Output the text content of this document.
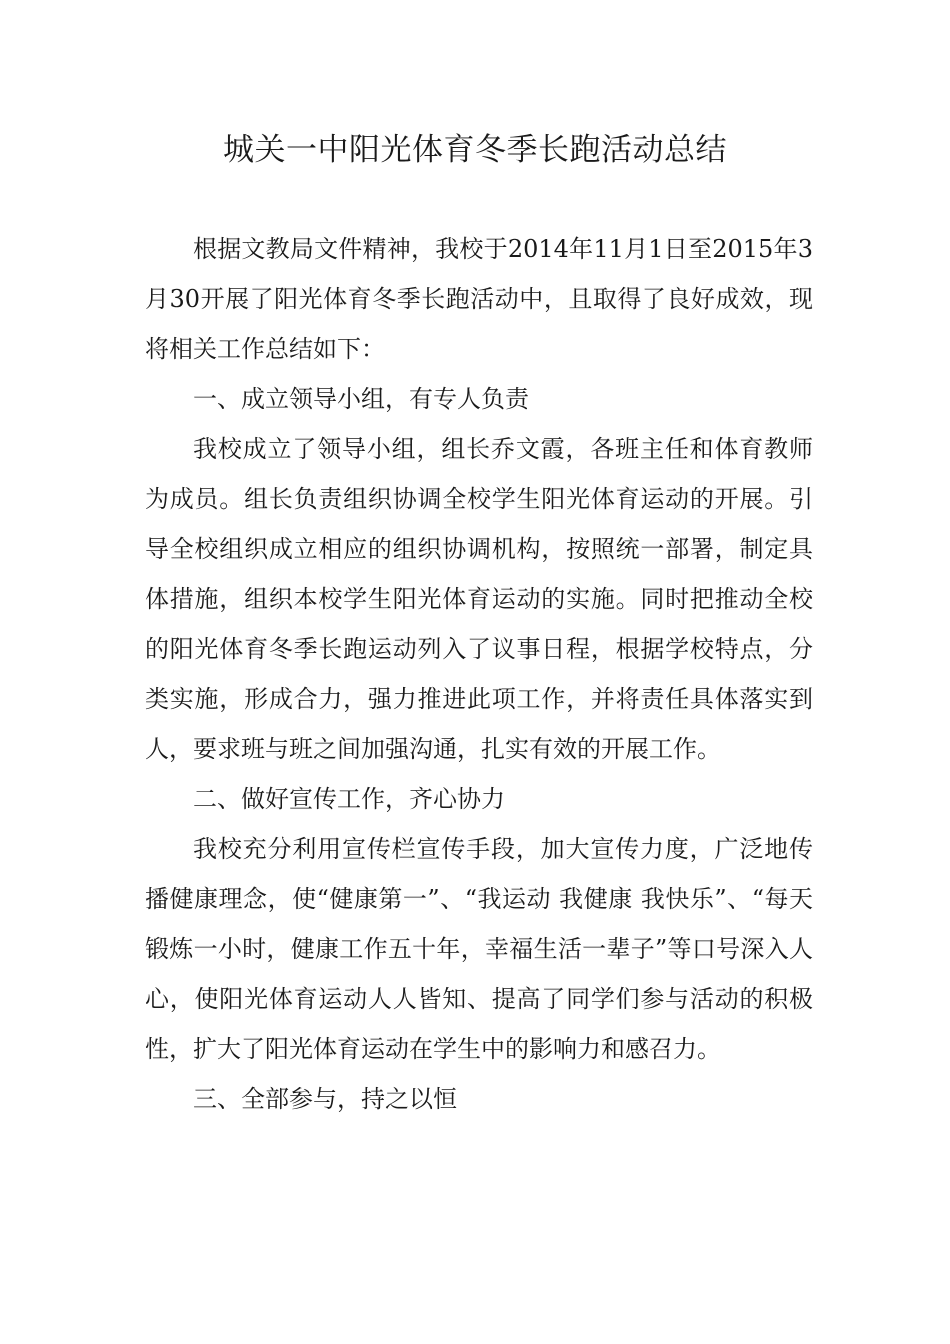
城关一中阳光体育冬季长跑活动总结

根据文教局文件精神，我校于2014年11月1日至2015年3月30开展了阳光体育冬季长跑活动中，且取得了良好成效，现将相关工作总结如下：

一、成立领导小组，有专人负责

我校成立了领导小组，组长乔文霞，各班主任和体育教师为成员。组长负责组织协调全校学生阳光体育运动的开展。引导全校组织成立相应的组织协调机构，按照统一部署，制定具体措施，组织本校学生阳光体育运动的实施。同时把推动全校的阳光体育冬季长跑运动列入了议事日程，根据学校特点，分类实施，形成合力，强力推进此项工作，并将责任具体落实到人，要求班与班之间加强沟通，扎实有效的开展工作。

二、做好宣传工作，齐心协力

我校充分利用宣传栏宣传手段，加大宣传力度，广泛地传播健康理念，使“健康第一”、“我运动 我健康 我快乐”、“每天锻炼一小时，健康工作五十年，幸福生活一辈子”等口号深入人心，使阳光体育运动人人皆知、提高了同学们参与活动的积极性，扩大了阳光体育运动在学生中的影响力和感召力。

三、全部参与，持之以恒
